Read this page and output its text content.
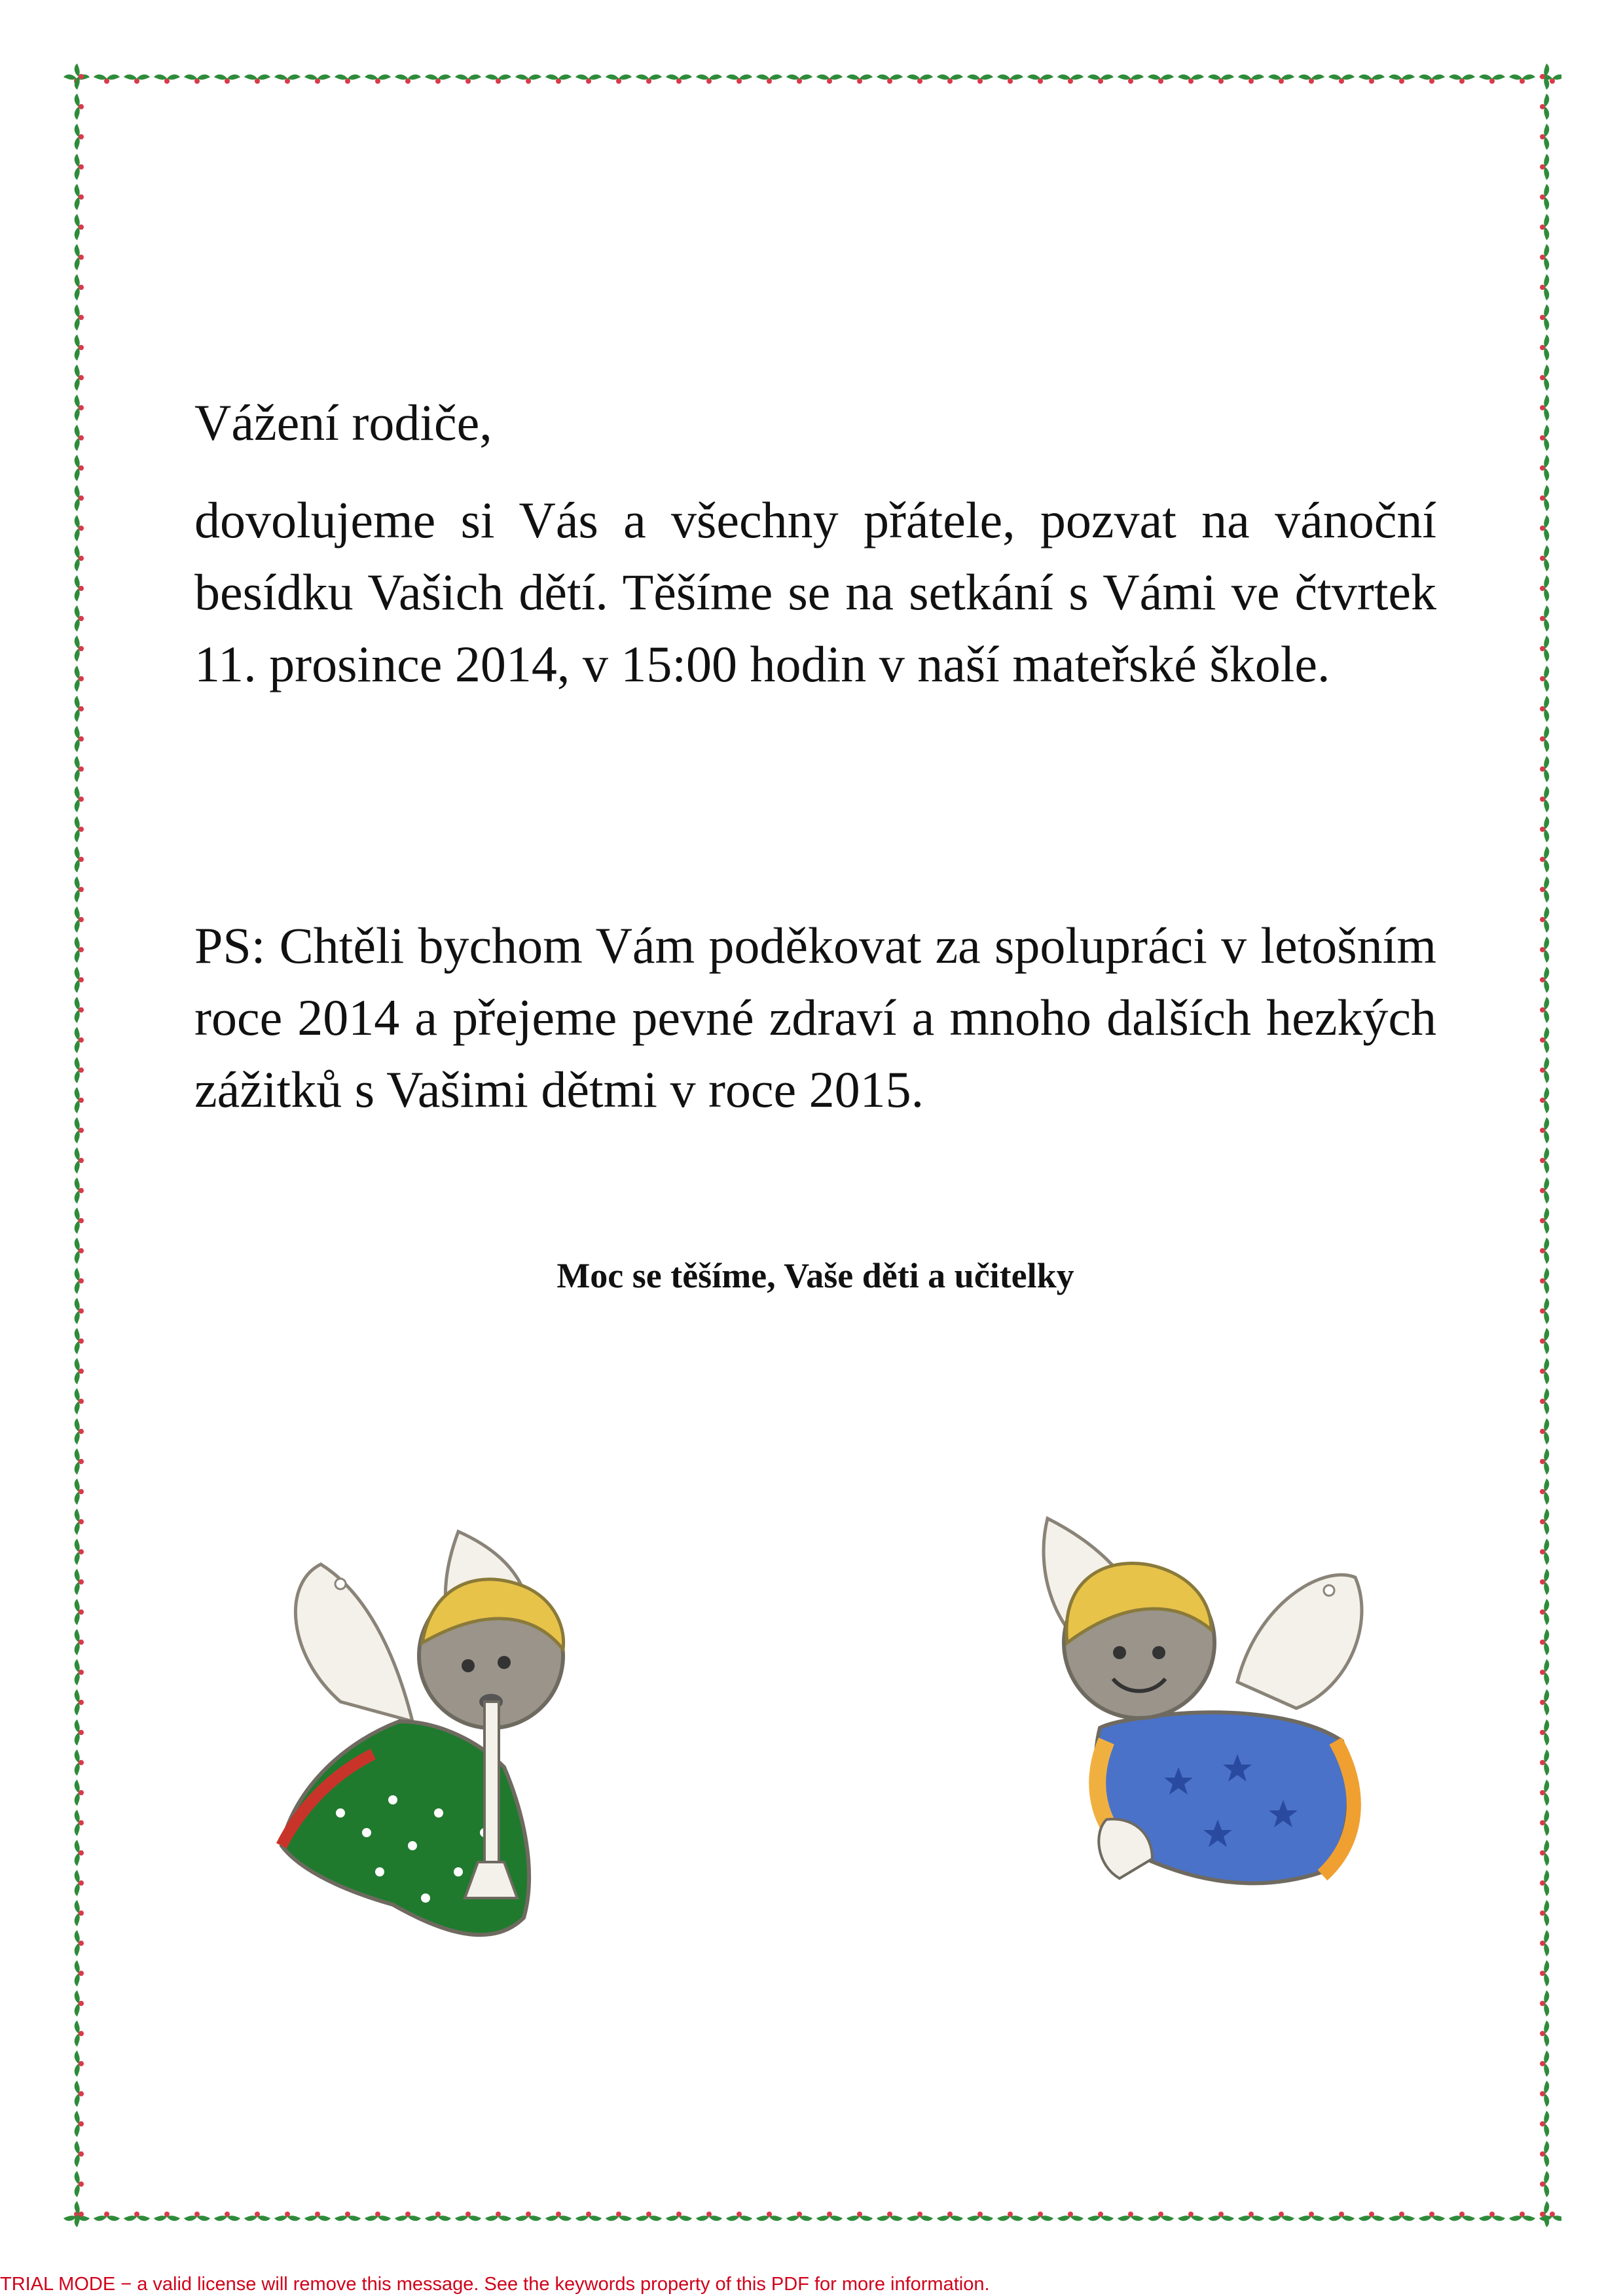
Vážení rodiče,
dovolujeme si Vás a všechny přátele, pozvat na vánoční besídku Vašich dětí. Těšíme se na setkání s Vámi ve čtvrtek 11. prosince 2014, v 15:00 hodin v naší mateřské škole.
PS: Chtěli bychom Vám poděkovat za spolupráci v letošním roce 2014 a přejeme pevné zdraví a mnoho dalších hezkých zážitků s Vašimi dětmi v roce 2015.
Moc se těšíme, Vaše děti a učitelky
TRIAL MODE − a valid license will remove this message. See the keywords property of this PDF for more information.
